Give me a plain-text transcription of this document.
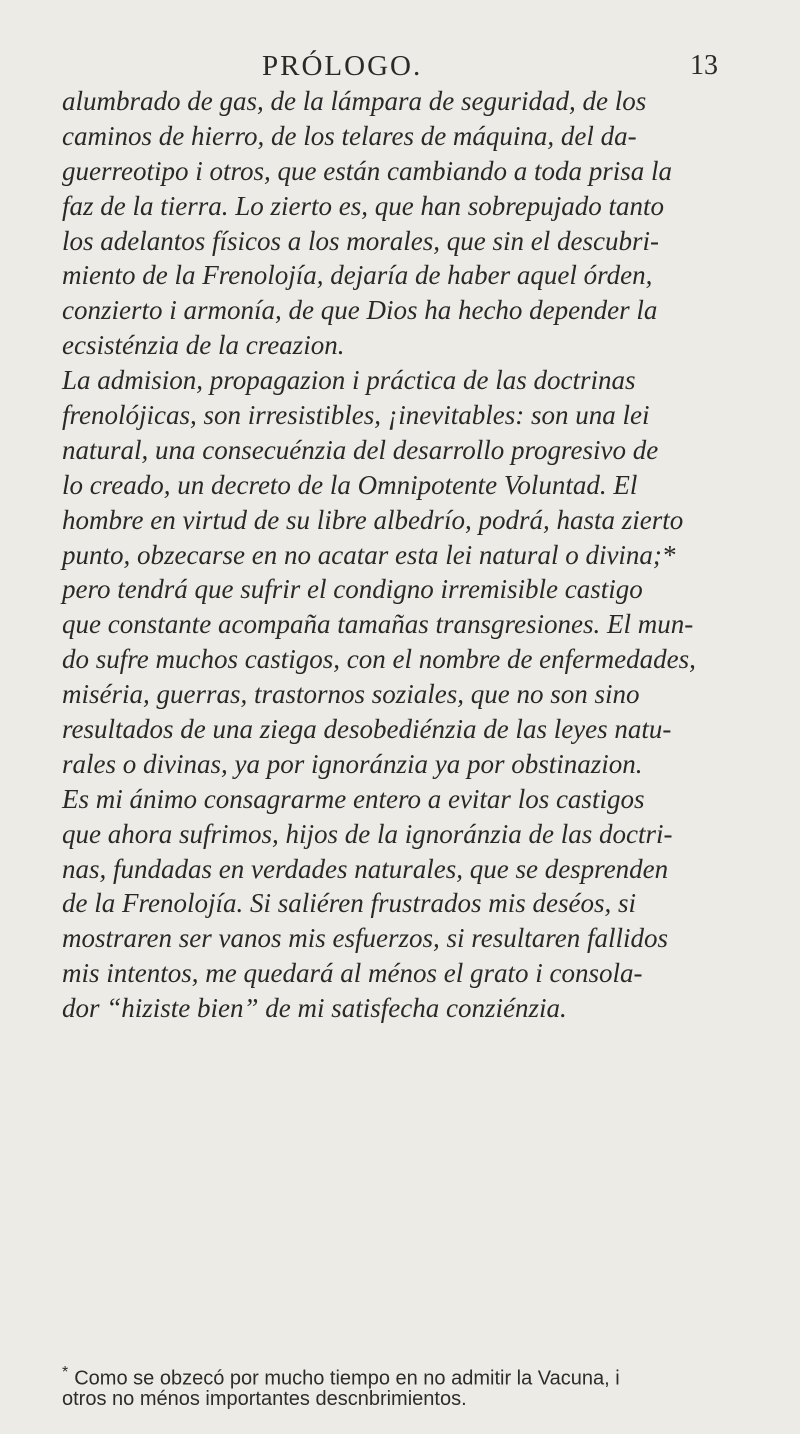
PRÓLOGO.	13
alumbrado de gas, de la lámpara de seguridad, de los
caminos de hierro, de los telares de máquina, del da-
guerreotipo i otros, que están cambiando a toda prisa la
faz de la tierra. Lo zierto es, que han sobrepujado tanto
los adelantos físicos a los morales, que sin el descubri-
miento de la Frenolojía, dejaría de haber aquel órden,
conzierto i armonía, de que Dios ha hecho depender la
ecsisténzia de la creazion.
La admision, propagazion i práctica de las doctrinas
frenolójicas, son irresistibles, ¡inevitables: son una lei
natural, una consecuénzia del desarrollo progresivo de
lo creado, un decreto de la Omnipotente Voluntad. El
hombre en virtud de su libre albedrío, podrá, hasta zierto
punto, obzecarse en no acatar esta lei natural o divina;*
pero tendrá que sufrir el condigno irremisible castigo
que constante acompaña tamañas transgresiones. El mun-
do sufre muchos castigos, con el nombre de enfermedades,
miséria, guerras, trastornos soziales, que no son sino
resultados de una ziega desobediénzia de las leyes natu-
rales o divinas, ya por ignoránzia ya por obstinazion.
Es mi ánimo consagrarme entero a evitar los castigos
que ahora sufrimos, hijos de la ignoránzia de las doctri-
nas, fundadas en verdades naturales, que se desprenden
de la Frenolojía. Si saliéren frustrados mis deséos, si
mostraren ser vanos mis esfuerzos, si resultaren fallidos
mis intentos, me quedará al ménos el grato i consola-
dor “hiziste bien” de mi satisfecha conziénzia.
* Como se obzecó por mucho tiempo en no admitir la Vacuna, i
otros no ménos importantes descnbrimientos.
